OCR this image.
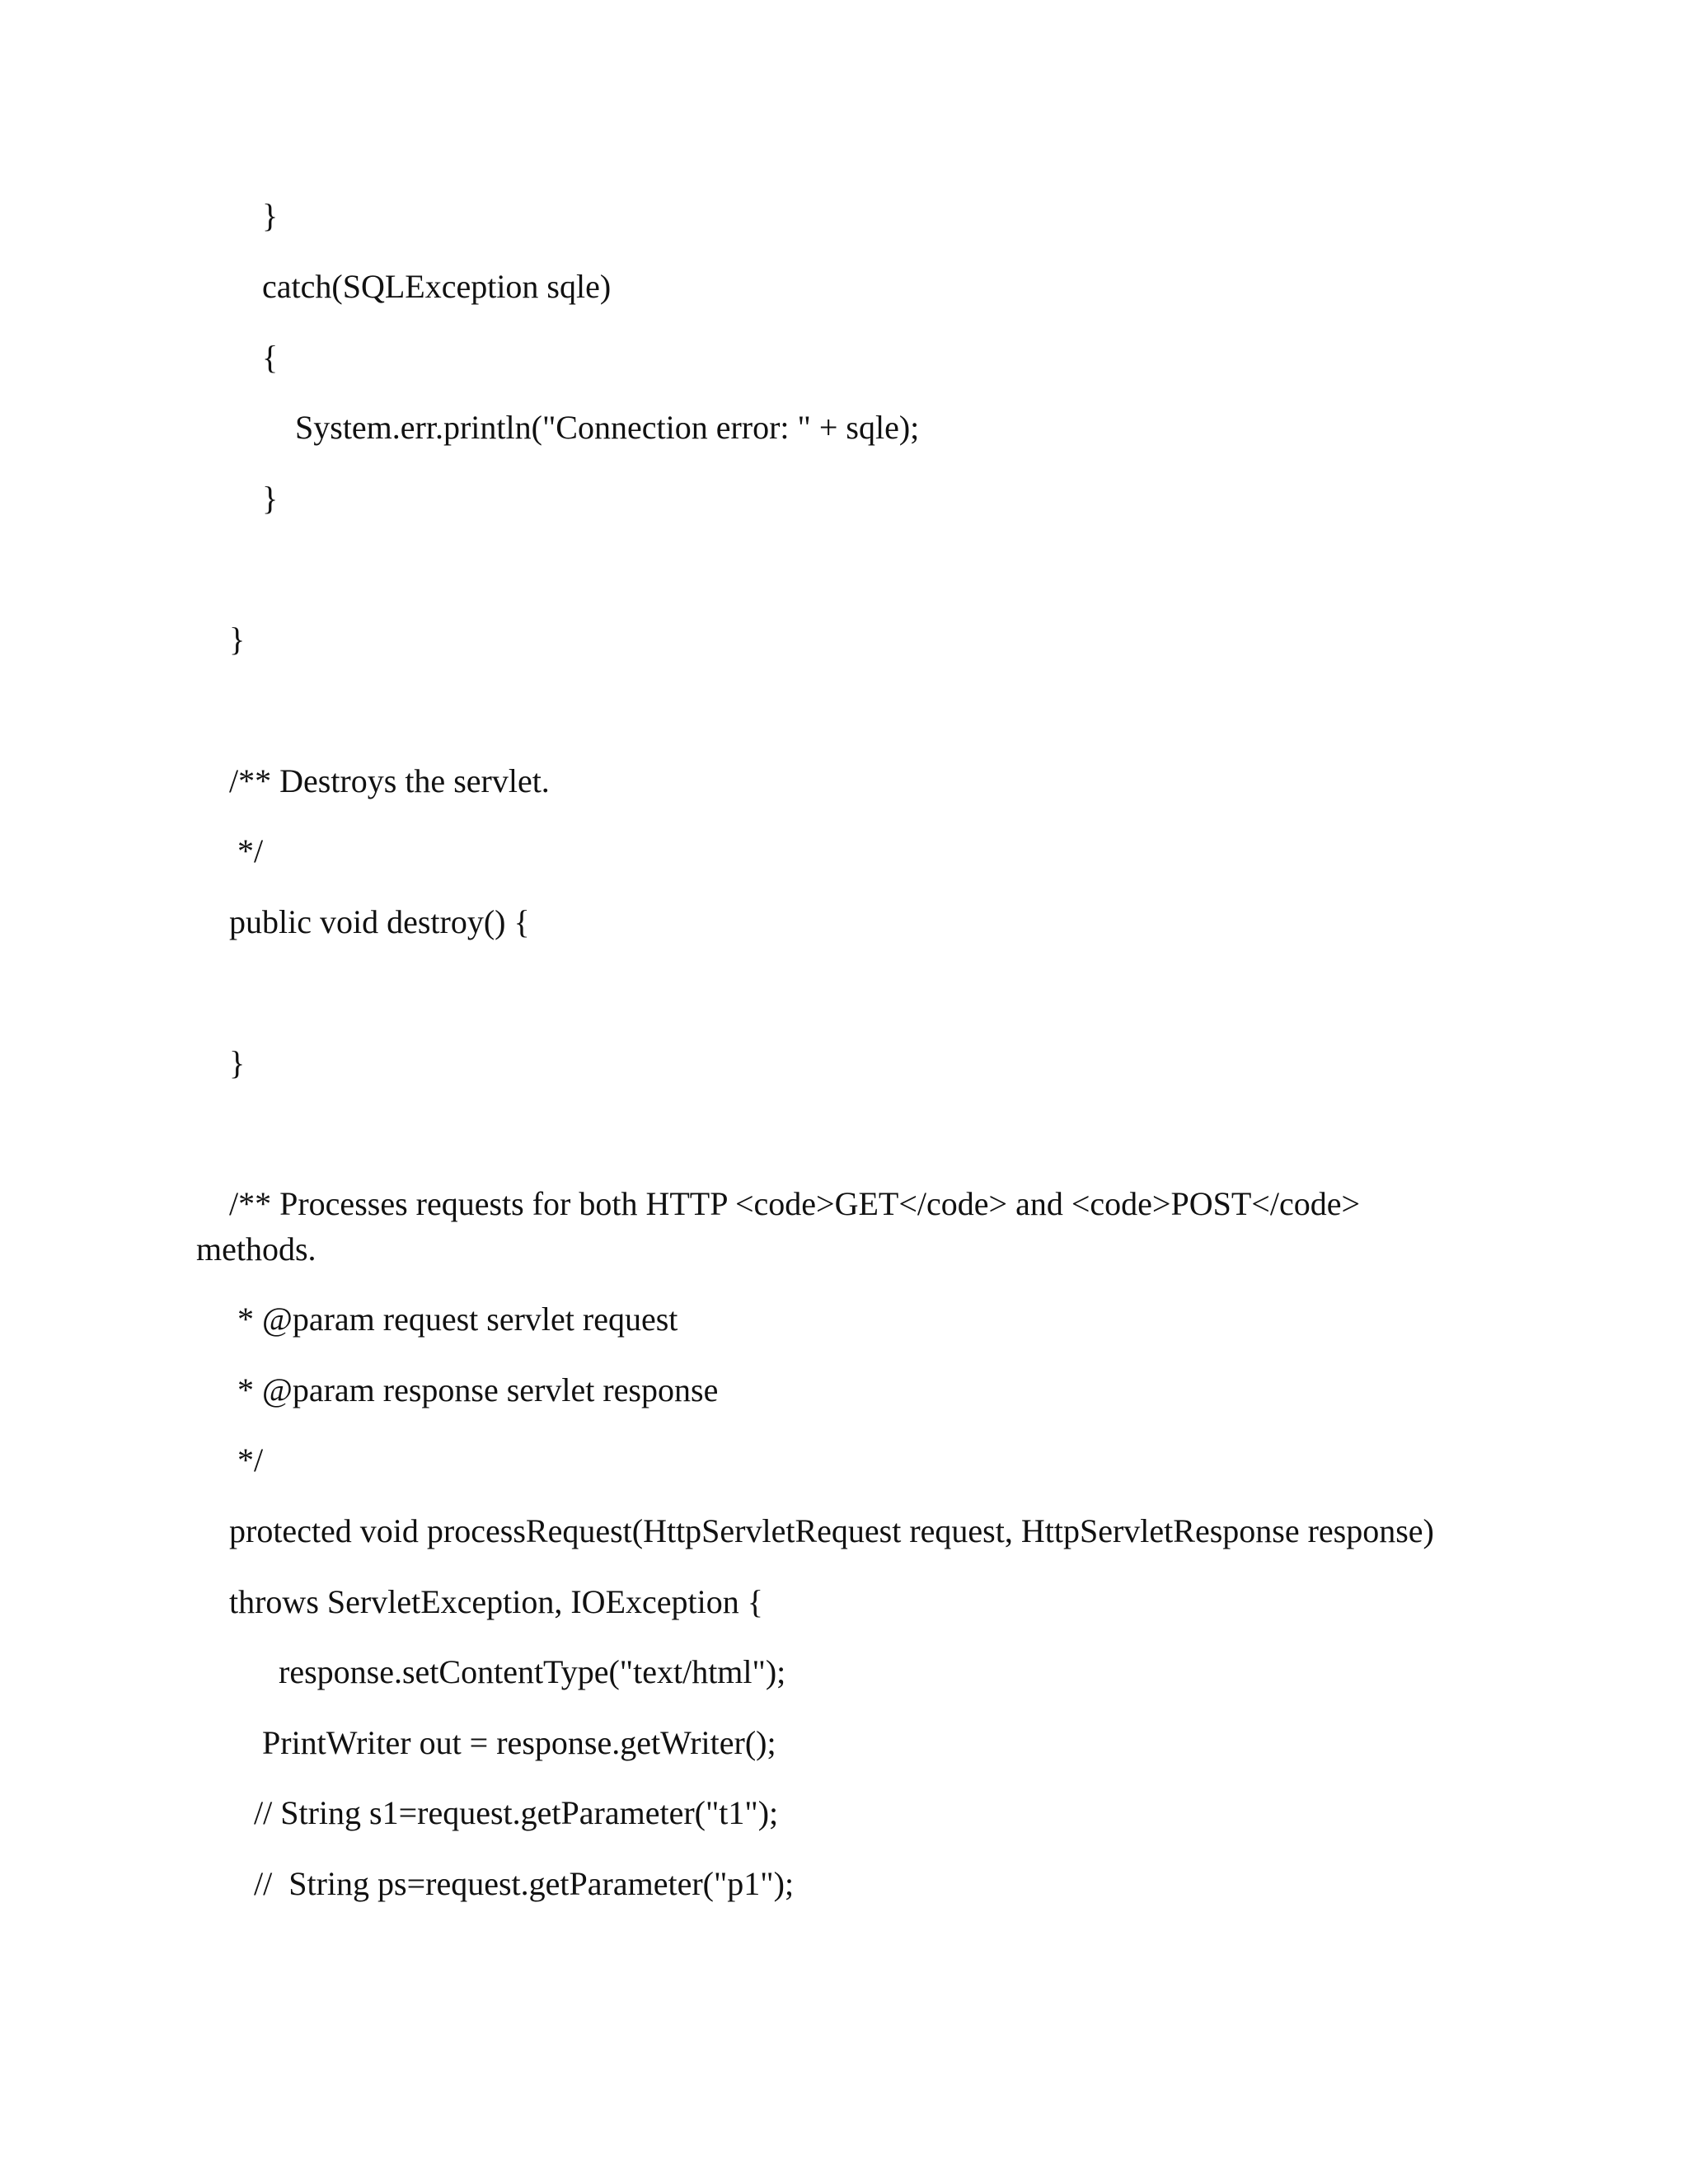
}
catch(SQLException sqle)
{
System.err.println("Connection error: " + sqle);
}
}
/** Destroys the servlet.
*/
public void destroy() {
}
/** Processes requests for both HTTP <code>GET</code> and <code>POST</code>
methods.
* @param request servlet request
* @param response servlet response
*/
protected void processRequest(HttpServletRequest request, HttpServletResponse response)
throws ServletException, IOException {
response.setContentType("text/html");
PrintWriter out = response.getWriter();
// String s1=request.getParameter("t1");
//  String ps=request.getParameter("p1");
